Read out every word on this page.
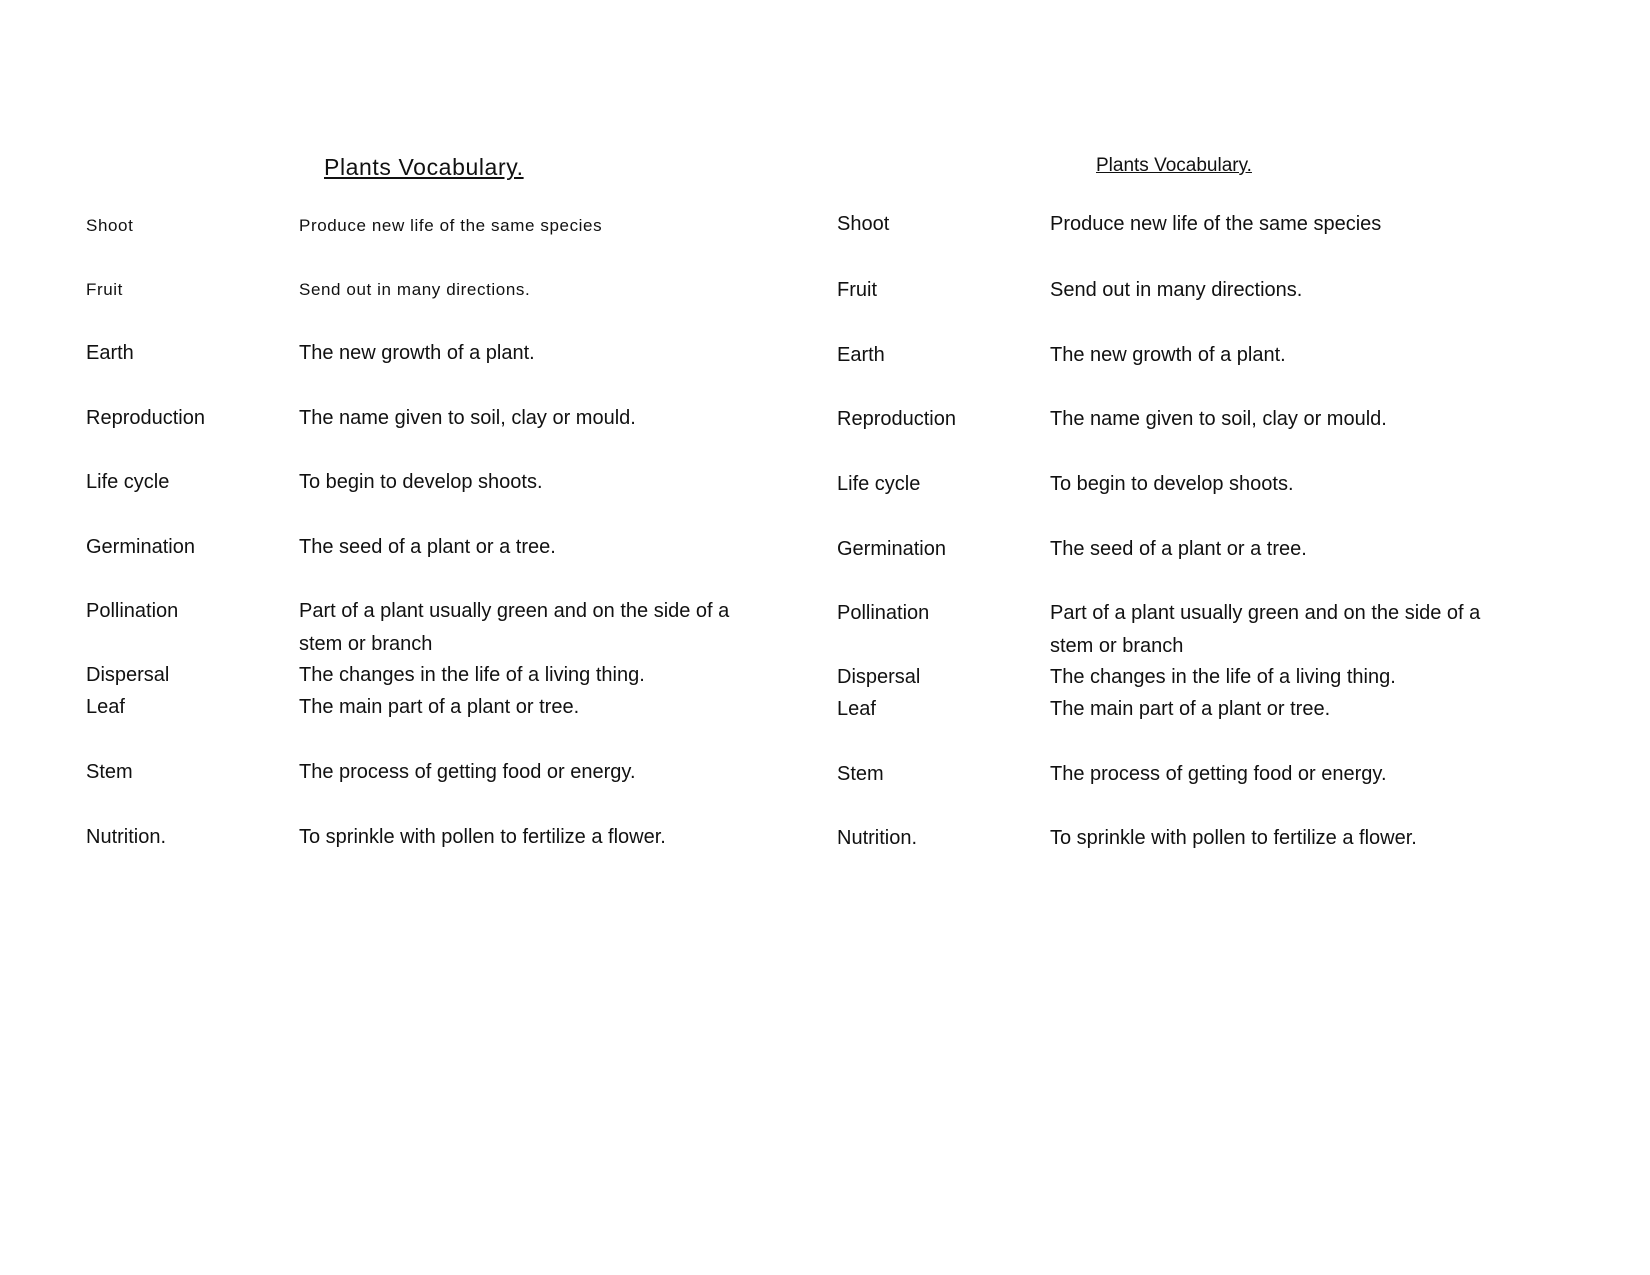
Plants Vocabulary.
Shoot	Produce new life of the same species
Fruit	Send out in many directions.
Earth	The new growth of a plant.
Reproduction	The name given to soil, clay or mould.
Life cycle	To begin to develop shoots.
Germination	The seed of a plant or a tree.
Pollination	Part of a plant usually green and on the side of a
stem or branch
Dispersal	The changes in the life of a living thing.
Leaf	The main part of a plant or tree.
Stem	The process of getting food or energy.
Nutrition.	To sprinkle with pollen to fertilize a flower.
Plants Vocabulary.
Shoot	Produce new life of the same species
Fruit	Send out in many directions.
Earth	The new growth of a plant.
Reproduction	The name given to soil, clay or mould.
Life cycle	To begin to develop shoots.
Germination	The seed of a plant or a tree.
Pollination	Part of a plant usually green and on the side of a
stem or branch
Dispersal	The changes in the life of a living thing.
Leaf	The main part of a plant or tree.
Stem	The process of getting food or energy.
Nutrition.	To sprinkle with pollen to fertilize a flower.
